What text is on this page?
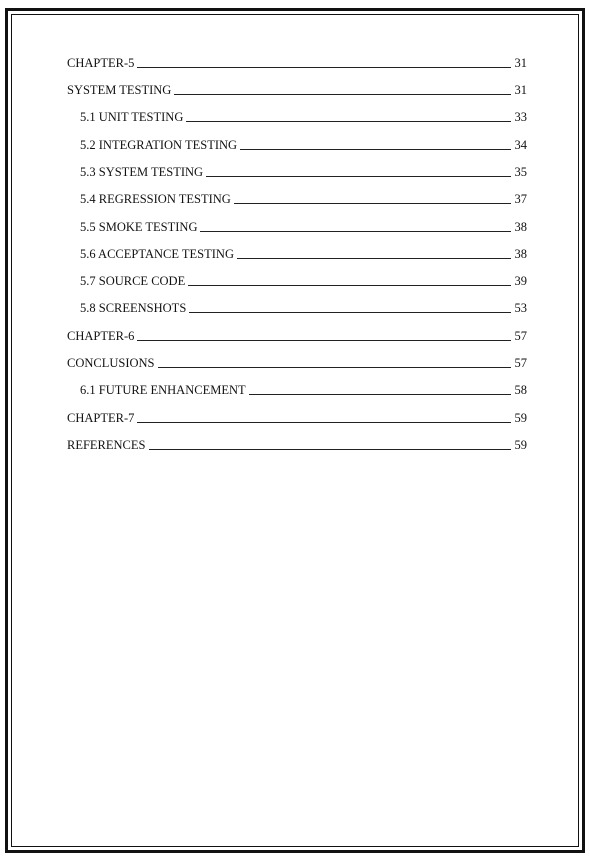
CHAPTER-5	31
SYSTEM TESTING	31
5.1 UNIT TESTING	33
5.2 INTEGRATION TESTING	34
5.3 SYSTEM TESTING	35
5.4 REGRESSION TESTING	37
5.5 SMOKE TESTING	38
5.6 ACCEPTANCE TESTING	38
5.7 SOURCE CODE	39
5.8 SCREENSHOTS	53
CHAPTER-6	57
CONCLUSIONS	57
6.1 FUTURE ENHANCEMENT	58
CHAPTER-7	59
REFERENCES	59
